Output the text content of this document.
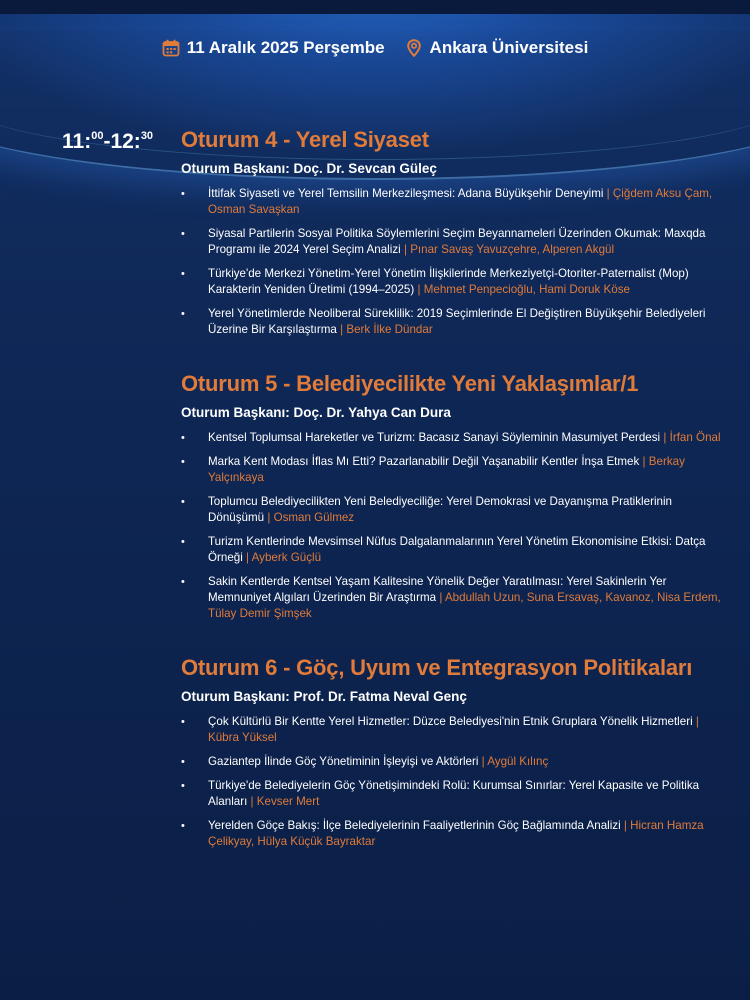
11 Aralık 2025 Perşembe	Ankara Üniversitesi
11:$^{00}$-12:$^{30}$ Oturum 4 - Yerel Siyaset
Oturum Başkanı: Doç. Dr. Sevcan Güleç
• İttifak Siyaseti ve Yerel Temsilin Merkezileşmesi: Adana Büyükşehir Deneyimi | Çiğdem Aksu Çam, Osman Savaşkan
• Siyasal Partilerin Sosyal Politika Söylemlerini Seçim Beyannameleri Üzerinden Okumak: Maxqda Programı ile 2024 Yerel Seçim Analizi | Pınar Savaş Yavuzçehre, Alperen Akgül
• Türkiye'de Merkezi Yönetim-Yerel Yönetim İlişkilerinde Merkeziyetçi-Otoriter-Paternalist (Mop) Karakterin Yeniden Üretimi (1994–2025) | Mehmet Penpecioğlu, Hami Doruk Köse
• Yerel Yönetimlerde Neoliberal Süreklilik: 2019 Seçimlerinde El Değiştiren Büyükşehir Belediyeleri Üzerine Bir Karşılaştırma | Berk İlke Dündar
Oturum 5 - Belediyecilikte Yeni Yaklaşımlar/1
Oturum Başkanı: Doç. Dr. Yahya Can Dura
• Kentsel Toplumsal Hareketler ve Turizm: Bacasız Sanayi Söyleminin Masumiyet Perdesi | İrfan Önal
• Marka Kent Modası İflas Mı Etti? Pazarlanabilir Değil Yaşanabilir Kentler İnşa Etmek | Berkay Yalçınkaya
• Toplumcu Belediyecilikten Yeni Belediyeciliğe: Yerel Demokrasi ve Dayanışma Pratiklerinin Dönüşümü | Osman Gülmez
• Turizm Kentlerinde Mevsimsel Nüfus Dalgalanmalarının Yerel Yönetim Ekonomisine Etkisi: Datça Örneği | Ayberk Güçlü
• Sakin Kentlerde Kentsel Yaşam Kalitesine Yönelik Değer Yaratılması: Yerel Sakinlerin Yer Memnuniyet Algıları Üzerinden Bir Araştırma | Abdullah Uzun, Suna Ersavaş, Kavanoz, Nisa Erdem, Tülay Demir Şimşek
Oturum 6 - Göç, Uyum ve Entegrasyon Politikaları
Oturum Başkanı: Prof. Dr. Fatma Neval Genç
• Çok Kültürlü Bir Kentte Yerel Hizmetler: Düzce Belediyesi'nin Etnik Gruplara Yönelik Hizmetleri | Kübra Yüksel
• Gaziantep İlinde Göç Yönetiminin İşleyişi ve Aktörleri | Aygül Kılınç
• Türkiye'de Belediyelerin Göç Yönetişimindeki Rolü: Kurumsal Sınırlar: Yerel Kapasite ve Politika Alanları | Kevser Mert
• Yerelden Göçe Bakış: İlçe Belediyelerinin Faaliyetlerinin Göç Bağlamında Analizi | Hicran Hamza Çelikyay, Hülya Küçük Bayraktar
